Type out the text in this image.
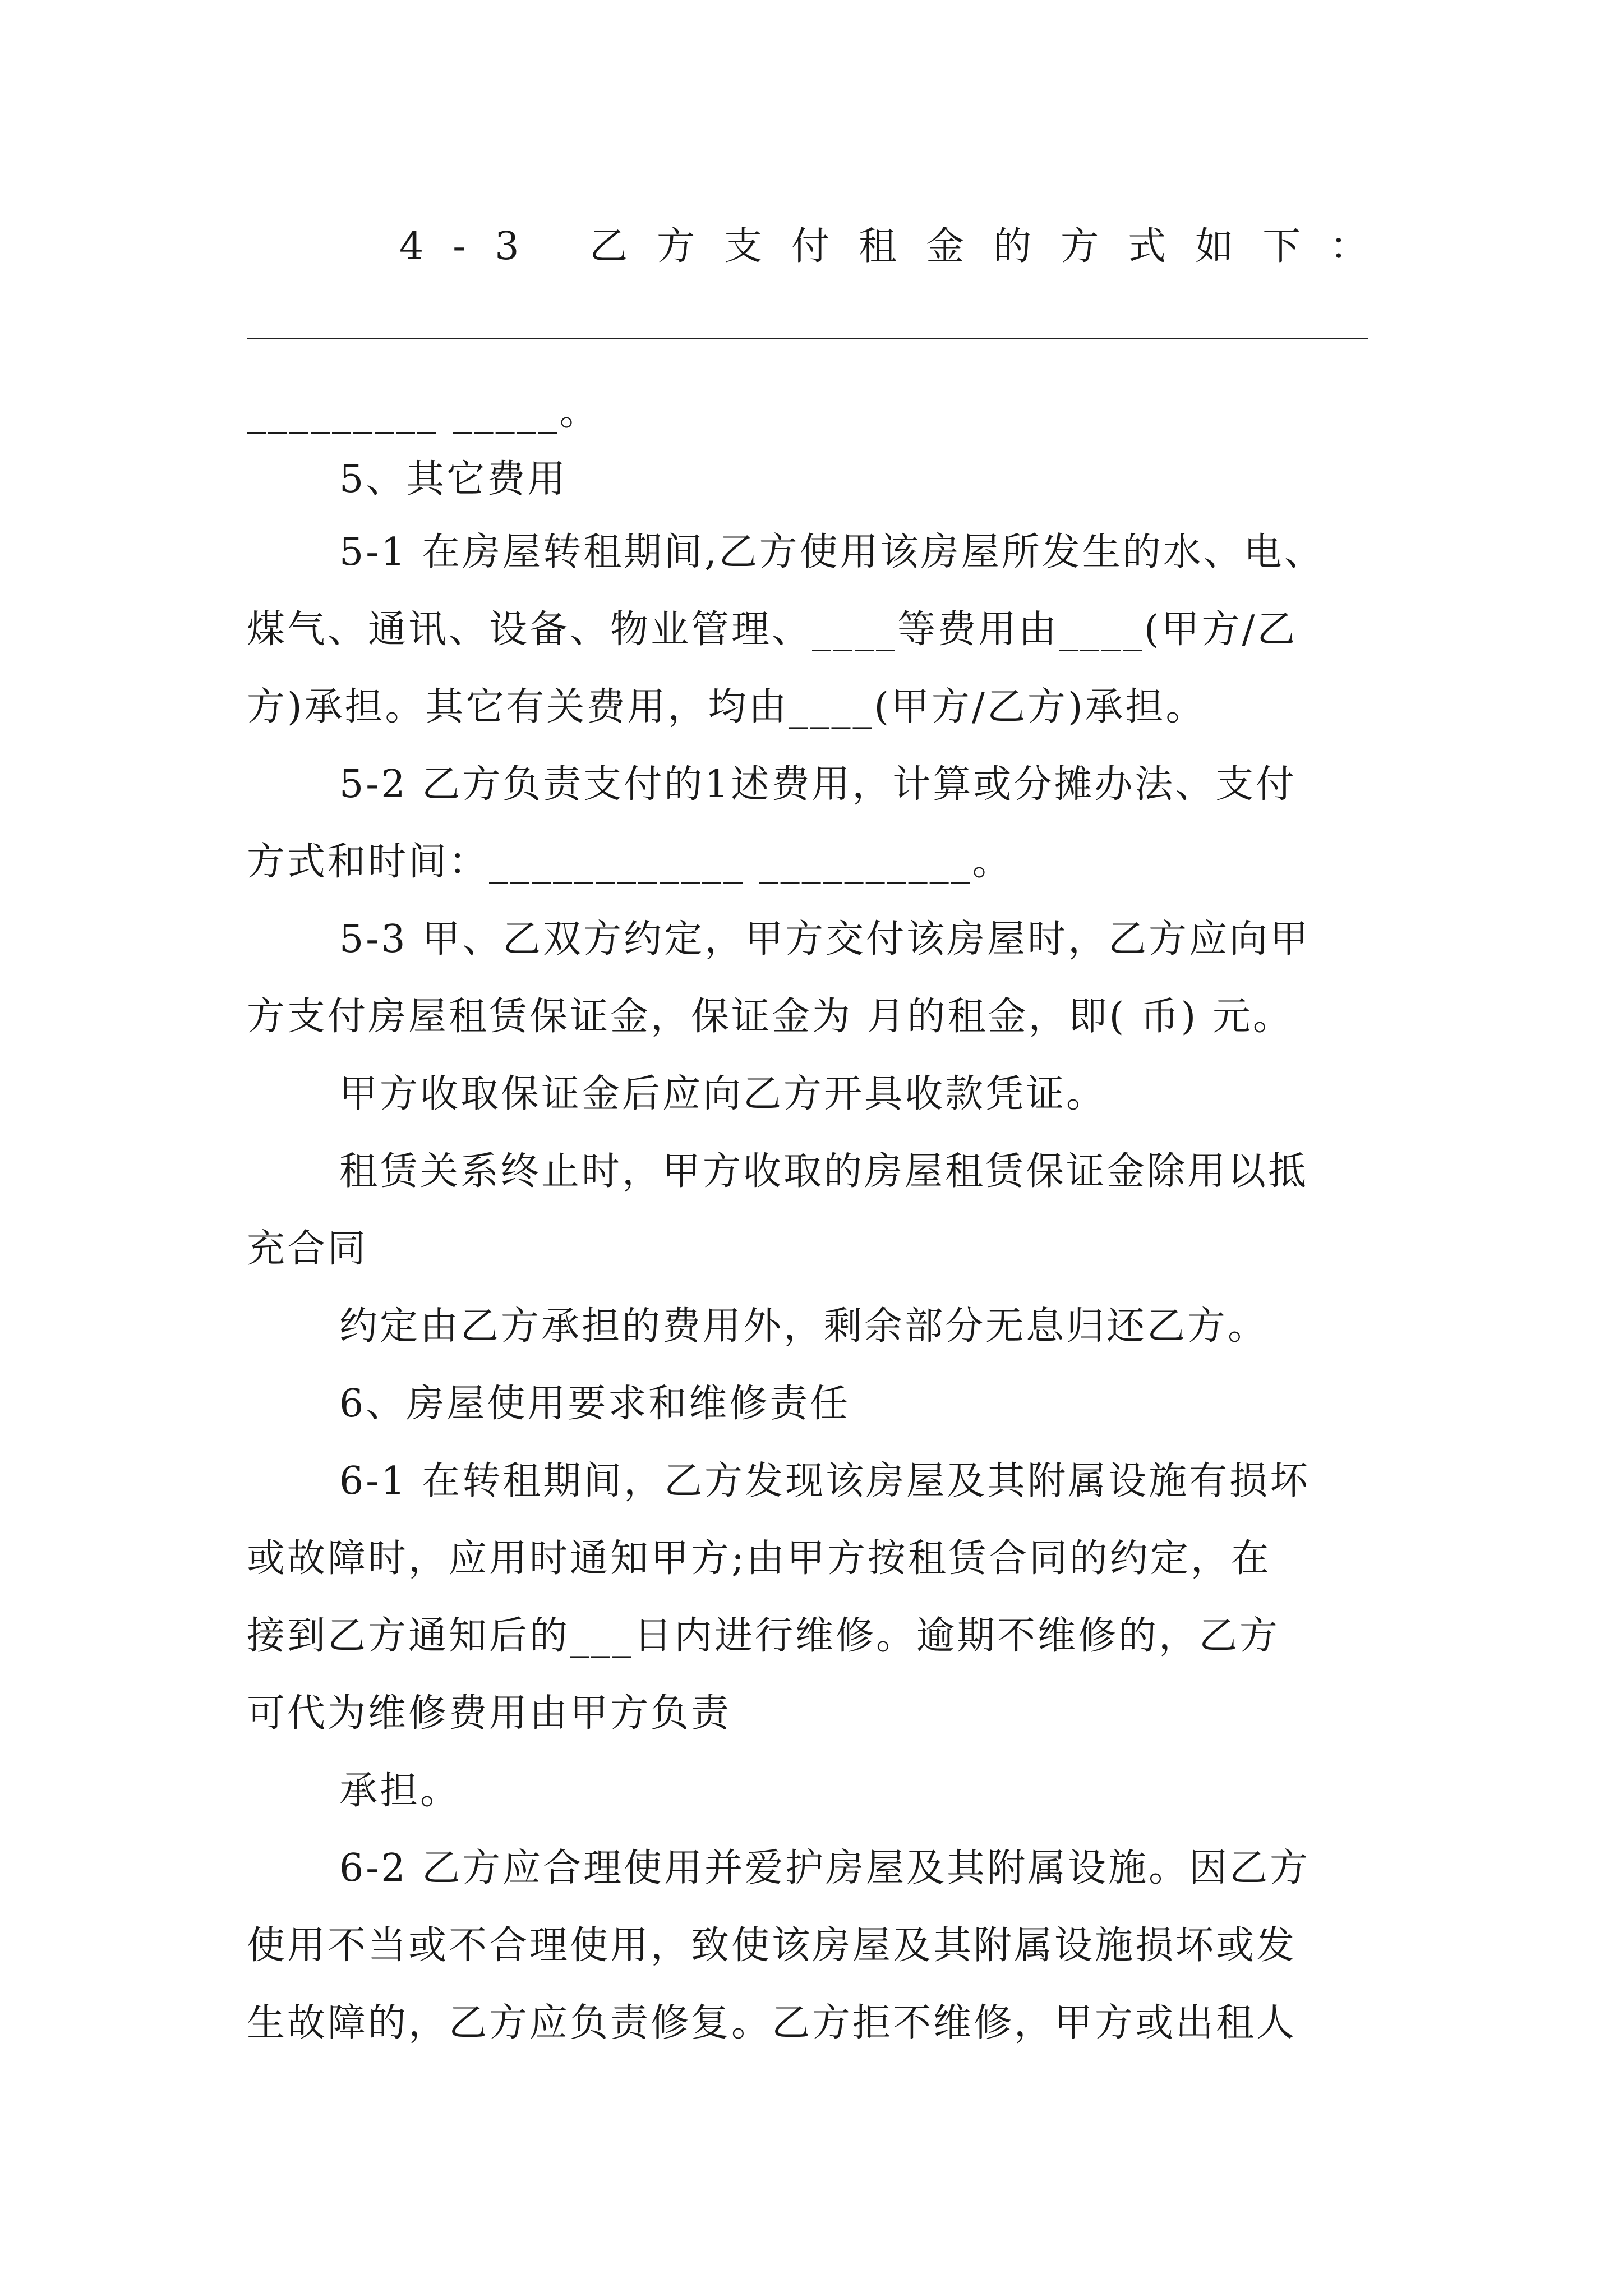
4-3 乙方支付租金的方式如下：
_________ _____。
5、其它费用
5-1 在房屋转租期间,乙方使用该房屋所发生的水、电、
煤气、通讯、设备、物业管理、____等费用由____(甲方/乙
方)承担。其它有关费用，均由____(甲方/乙方)承担。
5-2 乙方负责支付的1述费用，计算或分摊办法、支付
方式和时间：____________ __________。
5-3 甲、乙双方约定，甲方交付该房屋时，乙方应向甲
方支付房屋租赁保证金，保证金为 月的租金，即( 币) 元。
甲方收取保证金后应向乙方开具收款凭证。
租赁关系终止时，甲方收取的房屋租赁保证金除用以抵
充合同
约定由乙方承担的费用外，剩余部分无息归还乙方。
6、房屋使用要求和维修责任
6-1 在转租期间，乙方发现该房屋及其附属设施有损坏
或故障时，应用时通知甲方;由甲方按租赁合同的约定，在
接到乙方通知后的___日内进行维修。逾期不维修的，乙方
可代为维修费用由甲方负责
承担。
6-2 乙方应合理使用并爱护房屋及其附属设施。因乙方
使用不当或不合理使用，致使该房屋及其附属设施损坏或发
生故障的，乙方应负责修复。乙方拒不维修，甲方或出租人
